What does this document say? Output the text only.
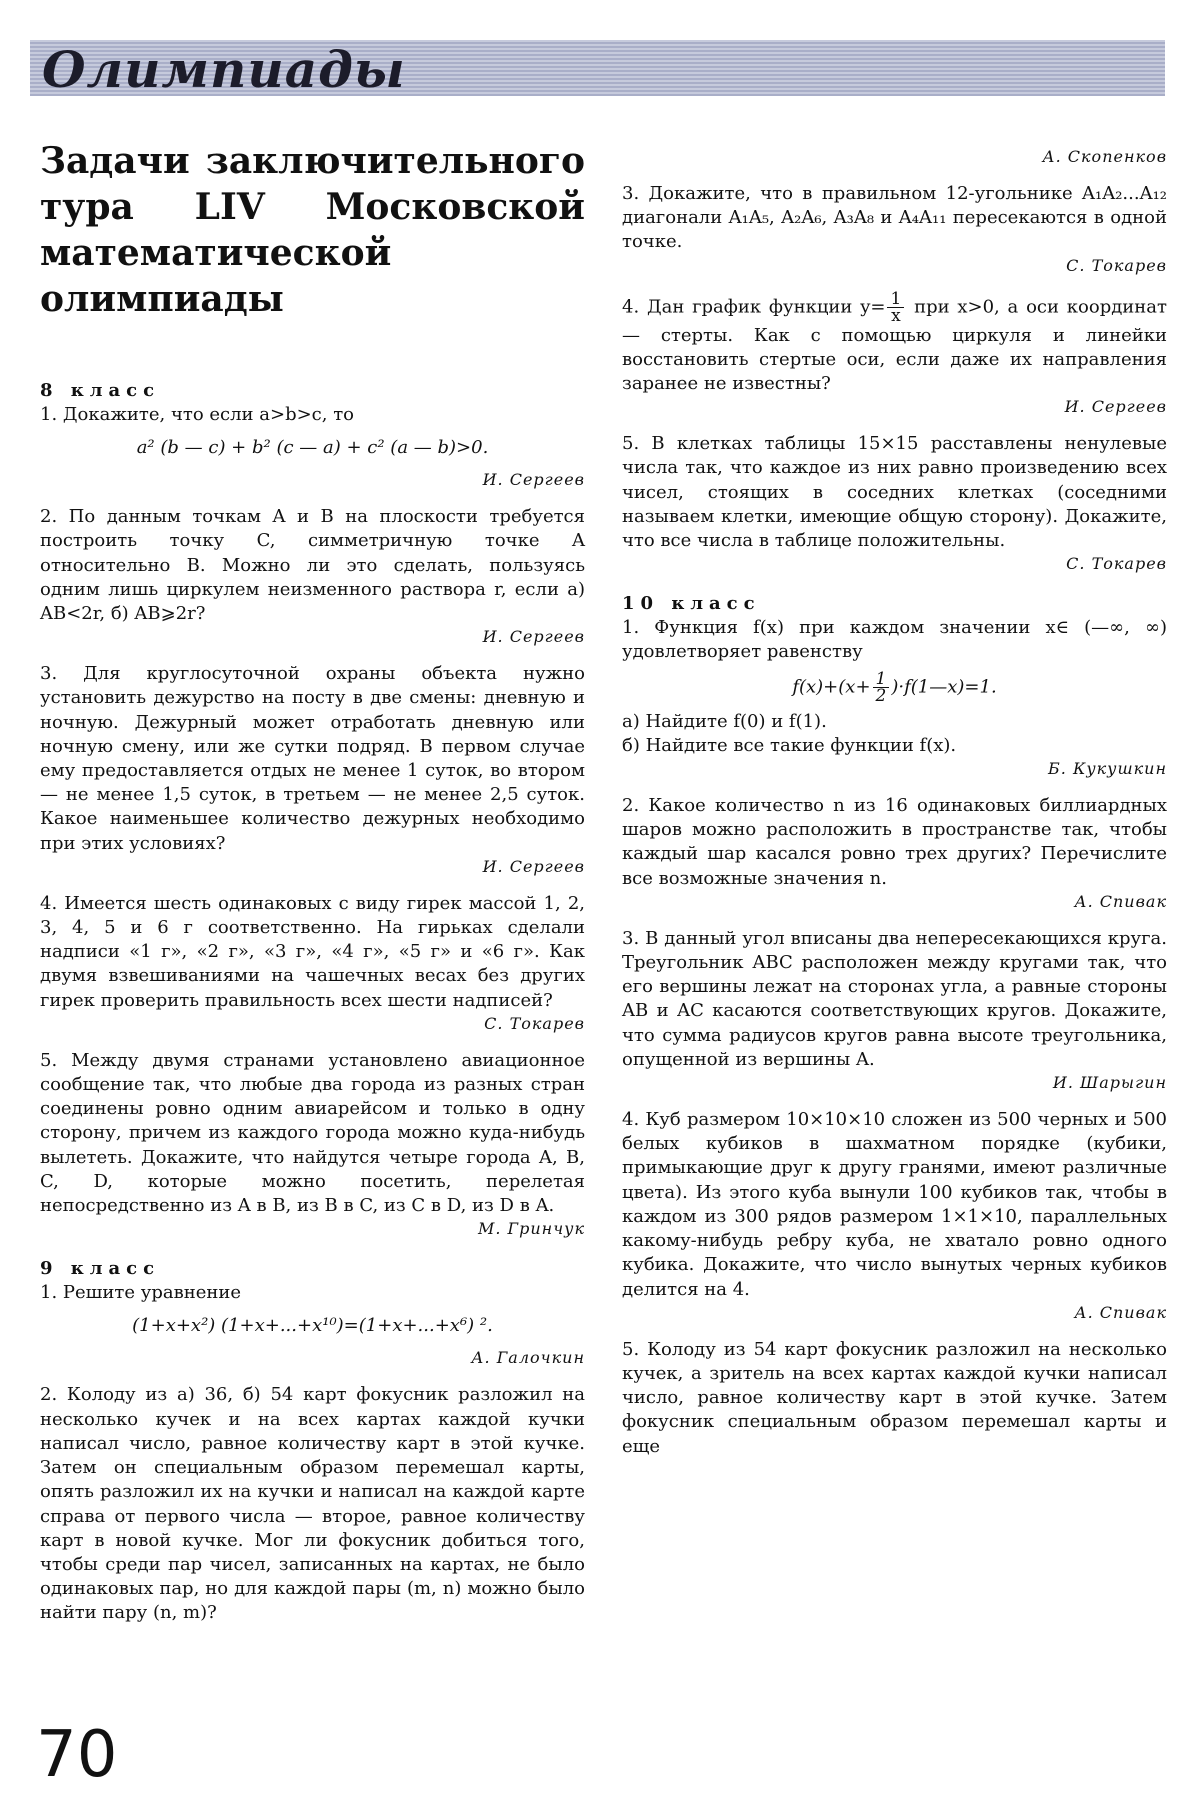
Олимпиады
Задачи заключительного тура LIV Московской математической олимпиады
8 класс

1. Докажите, что если a>b>c, то

a² (b — c) + b² (c — a) + c² (a — b)>0.
И. Сергеев

2. По данным точкам A и B на плоскости требуется построить точку C, симметричную точке A относительно B. Можно ли это сделать, пользуясь одним лишь циркулем неизменного раствора r, если а) AB<2r, б) AB⩾2r?

И. Сергеев

3. Для круглосуточной охраны объекта нужно установить дежурство на посту в две смены: дневную и ночную. Дежурный может отработать дневную или ночную смену, или же сутки подряд. В первом случае ему предоставляется отдых не менее 1 суток, во втором — не менее 1,5 суток, в третьем — не менее 2,5 суток. Какое наименьшее количество дежурных необходимо при этих условиях?

И. Сергеев

4. Имеется шесть одинаковых с виду гирек массой 1, 2, 3, 4, 5 и 6 г соответственно. На гирьках сделали надписи «1 г», «2 г», «3 г», «4 г», «5 г» и «6 г». Как двумя взвешиваниями на чашечных весах без других гирек проверить правильность всех шести надписей?

С. Токарев

5. Между двумя странами установлено авиационное сообщение так, что любые два города из разных стран соединены ровно одним авиарейсом и только в одну сторону, причем из каждого города можно куда-нибудь вылететь. Докажите, что найдутся четыре города A, B, C, D, которые можно посетить, перелетая непосредственно из A в B, из B в C, из C в D, из D в A.

М. Гринчук
9 класс

1. Решите уравнение

(1+x+x²) (1+x+...+x¹⁰)=(1+x+...+x⁶) ².
А. Галочкин

2. Колоду из а) 36, б) 54 карт фокусник разложил на несколько кучек и на всех картах каждой кучки написал число, равное количеству карт в этой кучке. Затем он специальным образом перемешал карты, опять разложил их на кучки и написал на каждой карте справа от первого числа — второе, равное количеству карт в новой кучке. Мог ли фокусник добиться того, чтобы среди пар чисел, записанных на картах, не было одинаковых пар, но для каждой пары (m, n) можно было найти пару (n, m)?

А. Скопенков

3. Докажите, что в правильном 12-угольнике A₁A₂...A₁₂ диагонали A₁A₅, A₂A₆, A₃A₈ и A₄A₁₁ пересекаются в одной точке.

С. Токарев

4. Дан график функции $y= \frac{1}{x}$ при x>0, а оси координат — стерты. Как с помощью циркуля и линейки восстановить стертые оси, если даже их направления заранее не известны?

И. Сергеев

5. В клетках таблицы 15×15 расставлены ненулевые числа так, что каждое из них равно произведению всех чисел, стоящих в соседних клетках (соседними называем клетки, имеющие общую сторону). Докажите, что все числа в таблице положительны.

С. Токарев
10 класс

1. Функция f(x) при каждом значении x∈ (—∞, ∞) удовлетворяет равенству

$f(x)+(x+ \frac{1}{2}$ )·f(1—x)=1.

а) Найдите f(0) и f(1).

б) Найдите все такие функции f(x).

Б. Кукушкин

2. Какое количество n из 16 одинаковых биллиардных шаров можно расположить в пространстве так, чтобы каждый шар касался ровно трех других? Перечислите все возможные значения n.

А. Спивак

3. В данный угол вписаны два непересекающихся круга. Треугольник ABC расположен между кругами так, что его вершины лежат на сторонах угла, а равные стороны AB и AC касаются соответствующих кругов. Докажите, что сумма радиусов кругов равна высоте треугольника, опущенной из вершины A.

И. Шарыгин

4. Куб размером 10×10×10 сложен из 500 черных и 500 белых кубиков в шахматном порядке (кубики, примыкающие друг к другу гранями, имеют различные цвета). Из этого куба вынули 100 кубиков так, чтобы в каждом из 300 рядов размером 1×1×10, параллельных какому-нибудь ребру куба, не хватало ровно одного кубика. Докажите, что число вынутых черных кубиков делится на 4.

А. Спивак

5. Колоду из 54 карт фокусник разложил на несколько кучек, а зритель на всех картах каждой кучки написал число, равное количеству карт в этой кучке. Затем фокусник специальным образом перемешал карты и еще

70
